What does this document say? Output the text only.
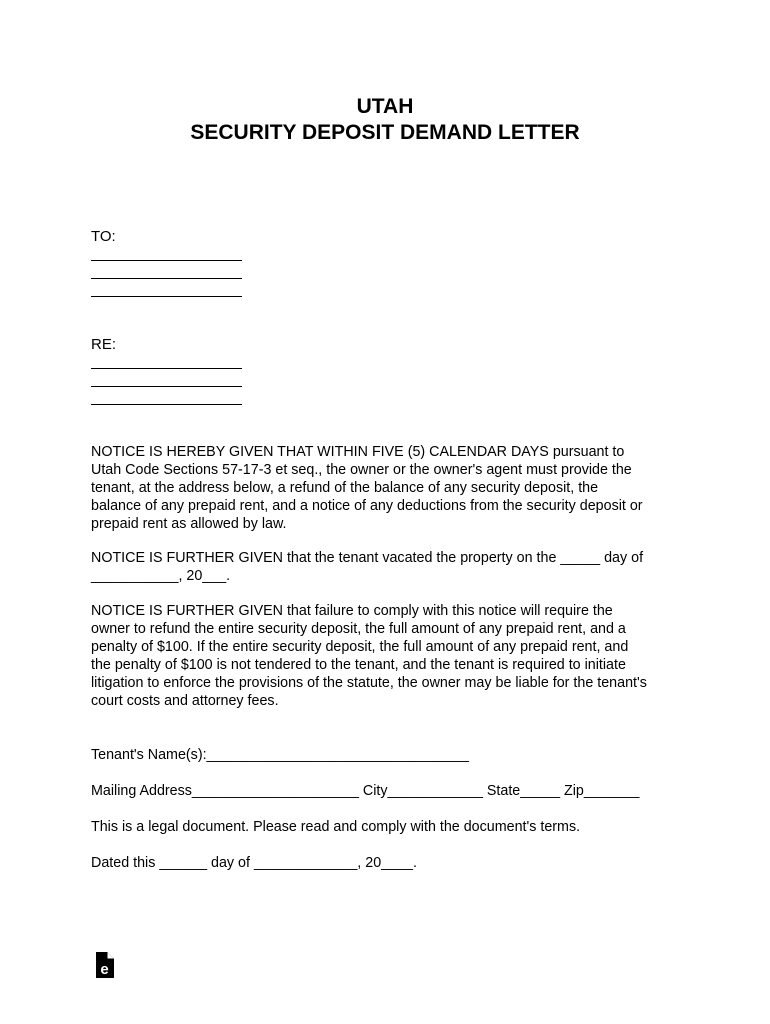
UTAH
SECURITY DEPOSIT DEMAND LETTER

TO:

RE:

NOTICE IS HEREBY GIVEN THAT WITHIN FIVE (5) CALENDAR DAYS pursuant to
Utah Code Sections 57-17-3 et seq., the owner or the owner's agent must provide the
tenant, at the address below, a refund of the balance of any security deposit, the
balance of any prepaid rent, and a notice of any deductions from the security deposit or
prepaid rent as allowed by law.

NOTICE IS FURTHER GIVEN that the tenant vacated the property on the _____ day of
___________, 20___.

NOTICE IS FURTHER GIVEN that failure to comply with this notice will require the
owner to refund the entire security deposit, the full amount of any prepaid rent, and a
penalty of $100. If the entire security deposit, the full amount of any prepaid rent, and
the penalty of $100 is not tendered to the tenant, and the tenant is required to initiate
litigation to enforce the provisions of the statute, the owner may be liable for the tenant's
court costs and attorney fees.

Tenant's Name(s):_________________________________

Mailing Address_____________________ City____________ State_____ Zip_______

This is a legal document. Please read and comply with the document's terms.

Dated this ______ day of _____________, 20____.

e
